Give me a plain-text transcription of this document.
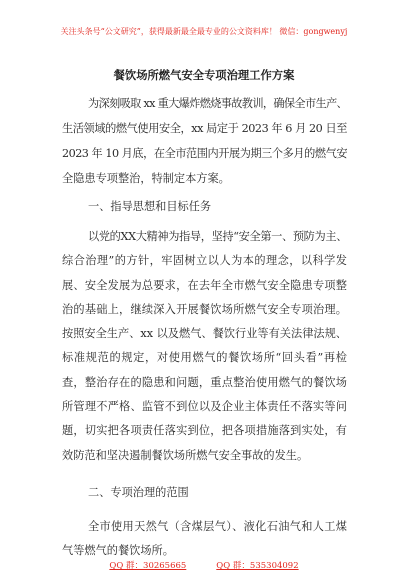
关注头条号“公文研究”，获得最新最全最专业的公文资料库！ 微信：gongwenyj
餐饮场所燃气安全专项治理工作方案
为深刻吸取 xx 重大爆炸燃烧事故教训，确保全市生产、
生活领域的燃气使用安全，xx 局定于 2023 年 6 月 20 日至
2023 年 10 月底，在全市范围内开展为期三个多月的燃气安
全隐患专项整治，特制定本方案。
一、指导思想和目标任务
以党的XX大精神为指导，坚持“安全第一、预防为主、
综合治理”的方针，牢固树立以人为本的理念，以科学发
展、安全发展为总要求，在去年全市燃气安全隐患专项整
治的基础上，继续深入开展餐饮场所燃气安全专项治理。
按照安全生产、xx 以及燃气、餐饮行业等有关法律法规、
标准规范的规定，对使用燃气的餐饮场所“回头看”再检
查，整治存在的隐患和问题，重点整治使用燃气的餐饮场
所管理不严格、监管不到位以及企业主体责任不落实等问
题，切实把各项责任落实到位，把各项措施落到实处，有
效防范和坚决遏制餐饮场所燃气安全事故的发生。
二、专项治理的范围
全市使用天然气（含煤层气）、液化石油气和人工煤
气等燃气的餐饮场所。
QQ 群：30265665	QQ 群：535304092
